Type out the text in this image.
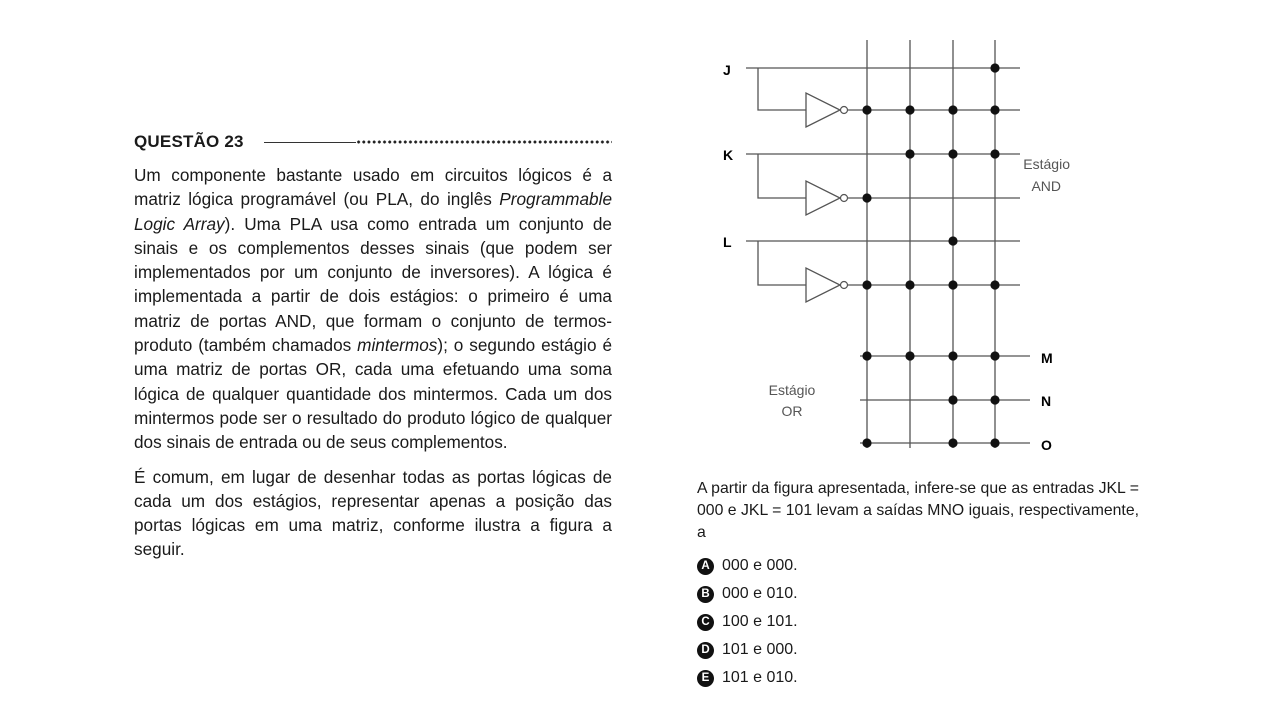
QUESTÃO 23

Um componente bastante usado em circuitos lógicos é a matriz lógica programável (ou PLA, do inglês Programmable Logic Array). Uma PLA usa como entrada um conjunto de sinais e os complementos desses sinais (que podem ser implementados por um conjunto de inversores). A lógica é implementada a partir de dois estágios: o primeiro é uma matriz de portas AND, que formam o conjunto de termos-produto (também chamados mintermos); o segundo estágio é uma matriz de portas OR, cada uma efetuando uma soma lógica de qualquer quantidade dos mintermos. Cada um dos mintermos pode ser o resultado do produto lógico de qualquer dos sinais de entrada ou de seus complementos.

É comum, em lugar de desenhar todas as portas lógicas de cada um dos estágios, representar apenas a posição das portas lógicas em uma matriz, conforme ilustra a figura a seguir.

J
K
L
M
N
O
Estágio
AND
Estágio
OR

A partir da figura apresentada, infere-se que as entradas JKL = 000 e JKL = 101 levam a saídas MNO iguais, respectivamente, a

A 000 e 000.
B 000 e 010.
C 100 e 101.
D 101 e 000.
E 101 e 010.
